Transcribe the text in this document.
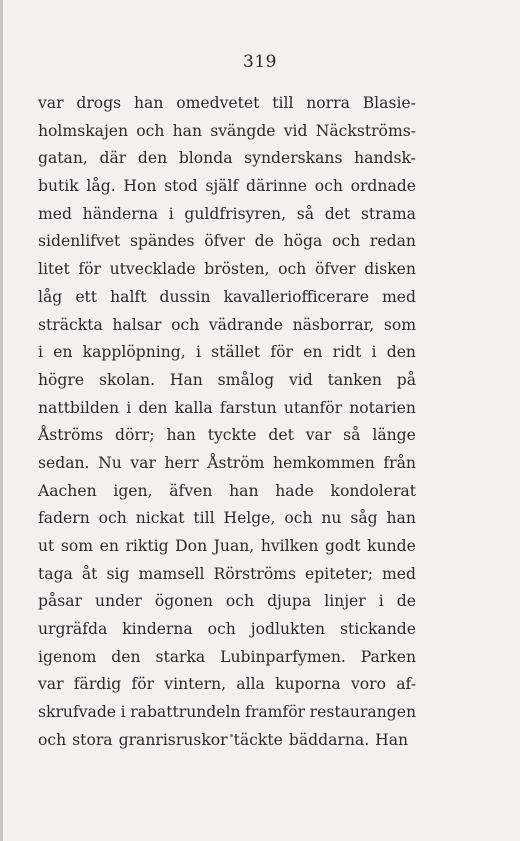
319
var drogs han omedvetet till norra Blasie-
holmskajen och han svängde vid Näckströms-
gatan, där den blonda synderskans handsk-
butik låg. Hon stod själf därinne och ordnade
med händerna i guldfrisyren, så det strama
sidenlifvet spändes öfver de höga och redan
litet för utvecklade brösten, och öfver disken
låg ett halft dussin kavalleriofficerare med
sträckta halsar och vädrande näsborrar, som
i en kapplöpning, i stället för en ridt i den
högre skolan. Han smålog vid tanken på
nattbilden i den kalla farstun utanför notarien
Åströms dörr; han tyckte det var så länge
sedan. Nu var herr Åström hemkommen från
Aachen igen, äfven han hade kondolerat
fadern och nickat till Helge, och nu såg han
ut som en riktig Don Juan, hvilken godt kunde
taga åt sig mamsell Rörströms epiteter; med
påsar under ögonen och djupa linjer i de
urgräfda kinderna och jodlukten stickande
igenom den starka Lubinparfymen. Parken
var färdig för vintern, alla kuporna voro af-
skrufvade i rabattrundeln framför restaurangen
och stora granrisruskor täckte bäddarna. Han
